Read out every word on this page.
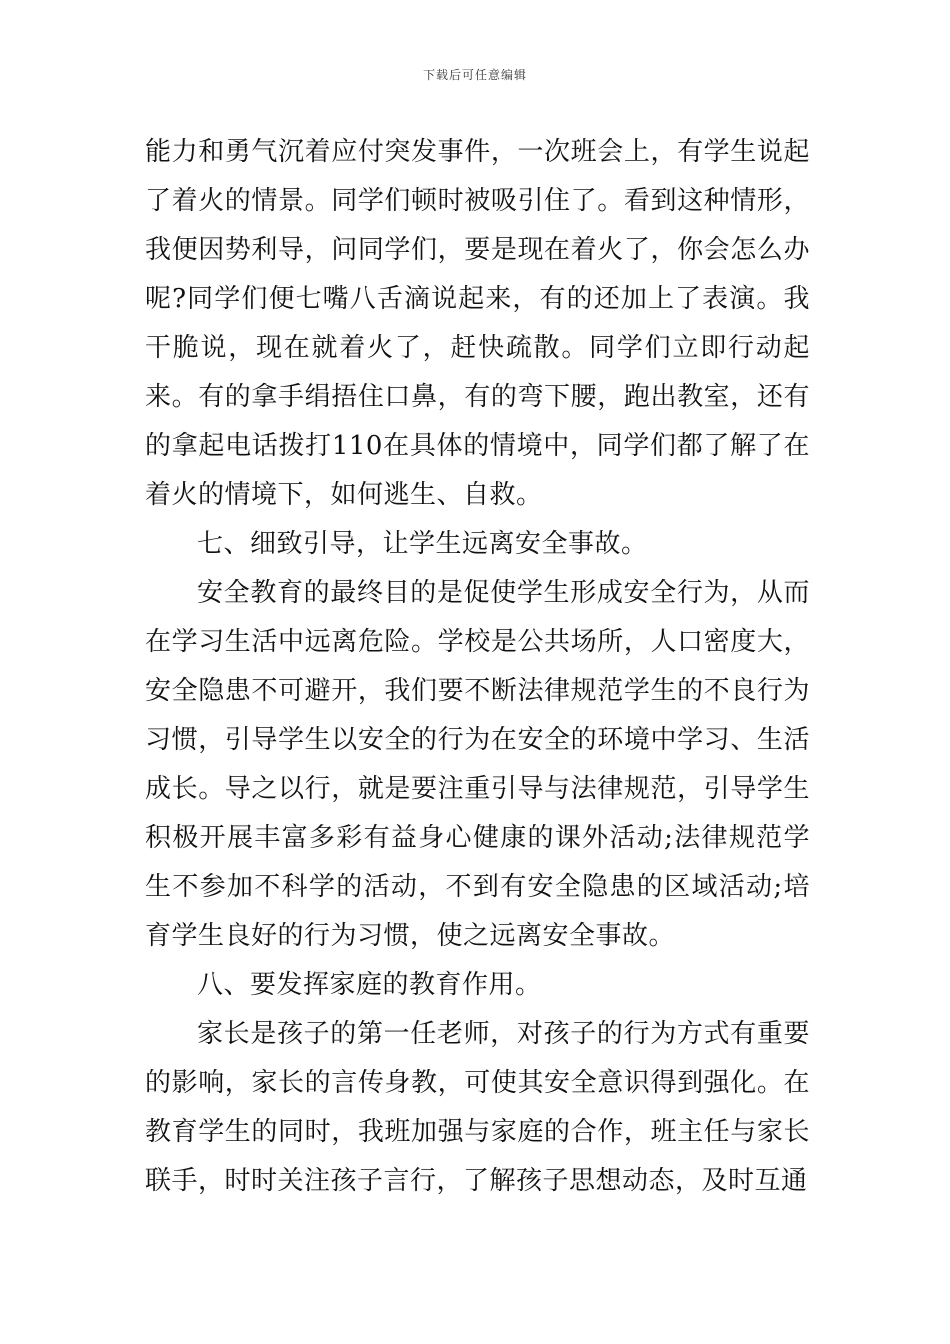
下载后可任意编辑

能力和勇气沉着应付突发事件，一次班会上，有学生说起了着火的情景。同学们顿时被吸引住了。看到这种情形，我便因势利导，问同学们，要是现在着火了，你会怎么办呢?同学们便七嘴八舌滴说起来，有的还加上了表演。我干脆说，现在就着火了，赶快疏散。同学们立即行动起来。有的拿手绢捂住口鼻，有的弯下腰，跑出教室，还有的拿起电话拨打110在具体的情境中，同学们都了解了在着火的情境下，如何逃生、自救。

七、细致引导，让学生远离安全事故。

安全教育的最终目的是促使学生形成安全行为，从而在学习生活中远离危险。学校是公共场所，人口密度大，安全隐患不可避开，我们要不断法律规范学生的不良行为习惯，引导学生以安全的行为在安全的环境中学习、生活成长。导之以行，就是要注重引导与法律规范，引导学生积极开展丰富多彩有益身心健康的课外活动;法律规范学生不参加不科学的活动，不到有安全隐患的区域活动;培育学生良好的行为习惯，使之远离安全事故。

八、要发挥家庭的教育作用。

家长是孩子的第一任老师，对孩子的行为方式有重要的影响，家长的言传身教，可使其安全意识得到强化。在教育学生的同时，我班加强与家庭的合作，班主任与家长联手，时时关注孩子言行，了解孩子思想动态，及时互通
